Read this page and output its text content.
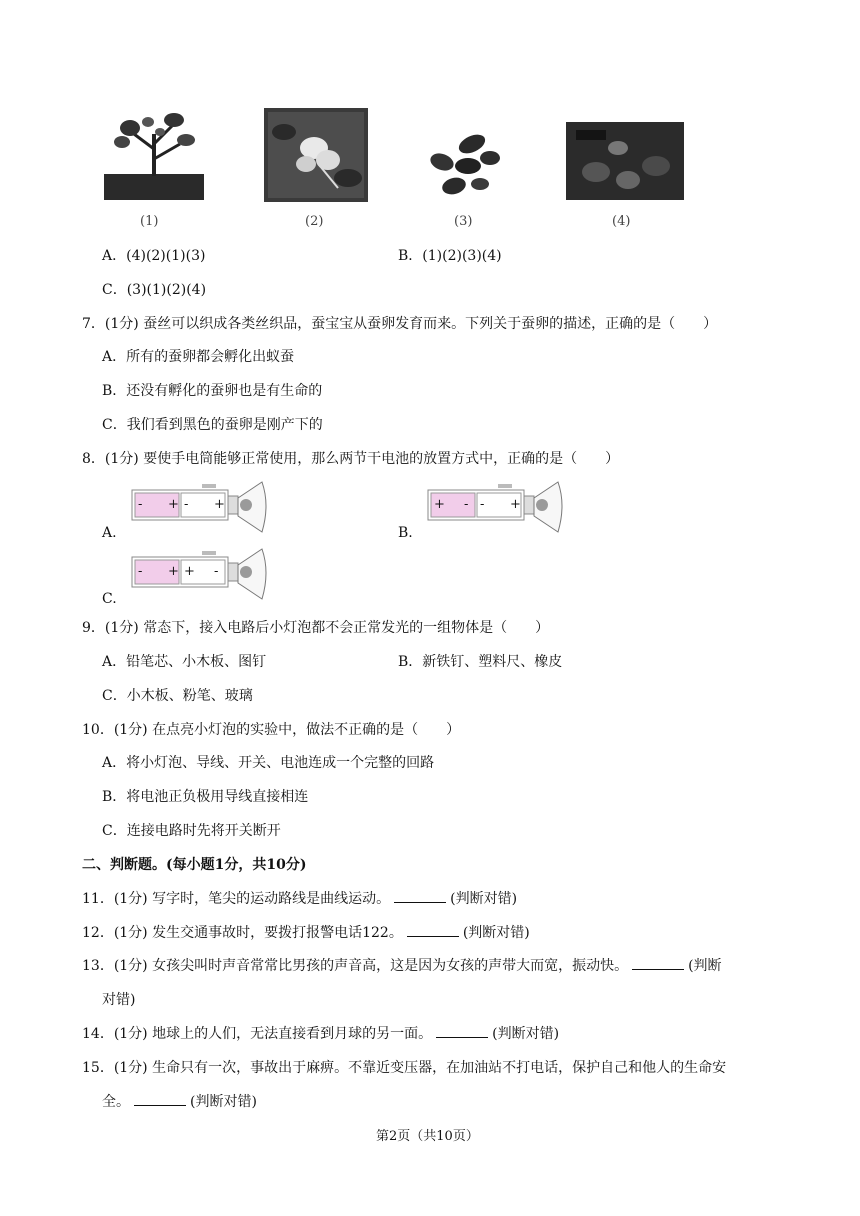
(1)	(2)	(3)	(4)
A．(4)(2)(1)(3)	B．(1)(2)(3)(4)
C．(3)(1)(2)(4)
7．(1分) 蚕丝可以织成各类丝织品，蚕宝宝从蚕卵发育而来。下列关于蚕卵的描述，正确的是（　　）
A．所有的蚕卵都会孵化出蚁蚕
B．还没有孵化的蚕卵也是有生命的
C．我们看到黑色的蚕卵是刚产下的
8．(1分) 要使手电筒能够正常使用，那么两节干电池的放置方式中，正确的是（　　）
A.	B.
C.
- + - +	+ - - +
- + + -
9．(1分) 常态下，接入电路后小灯泡都不会正常发光的一组物体是（　　）
A．铅笔芯、小木板、图钉	B．新铁钉、塑料尺、橡皮
C．小木板、粉笔、玻璃
10．(1分) 在点亮小灯泡的实验中，做法不正确的是（　　）
A．将小灯泡、导线、开关、电池连成一个完整的回路
B．将电池正负极用导线直接相连
C．连接电路时先将开关断开
二、判断题。(每小题1分，共10分)
11．(1分) 写字时，笔尖的运动路线是曲线运动。	(判断对错)
12．(1分) 发生交通事故时，要拨打报警电话122。	(判断对错)
13．(1分) 女孩尖叫时声音常常比男孩的声音高，这是因为女孩的声带大而宽，振动快。	(判断
对错)
14．(1分) 地球上的人们，无法直接看到月球的另一面。	(判断对错)
15．(1分) 生命只有一次，事故出于麻痹。不靠近变压器，在加油站不打电话，保护自己和他人的生命安
全。	(判断对错)
第2页（共10页）
